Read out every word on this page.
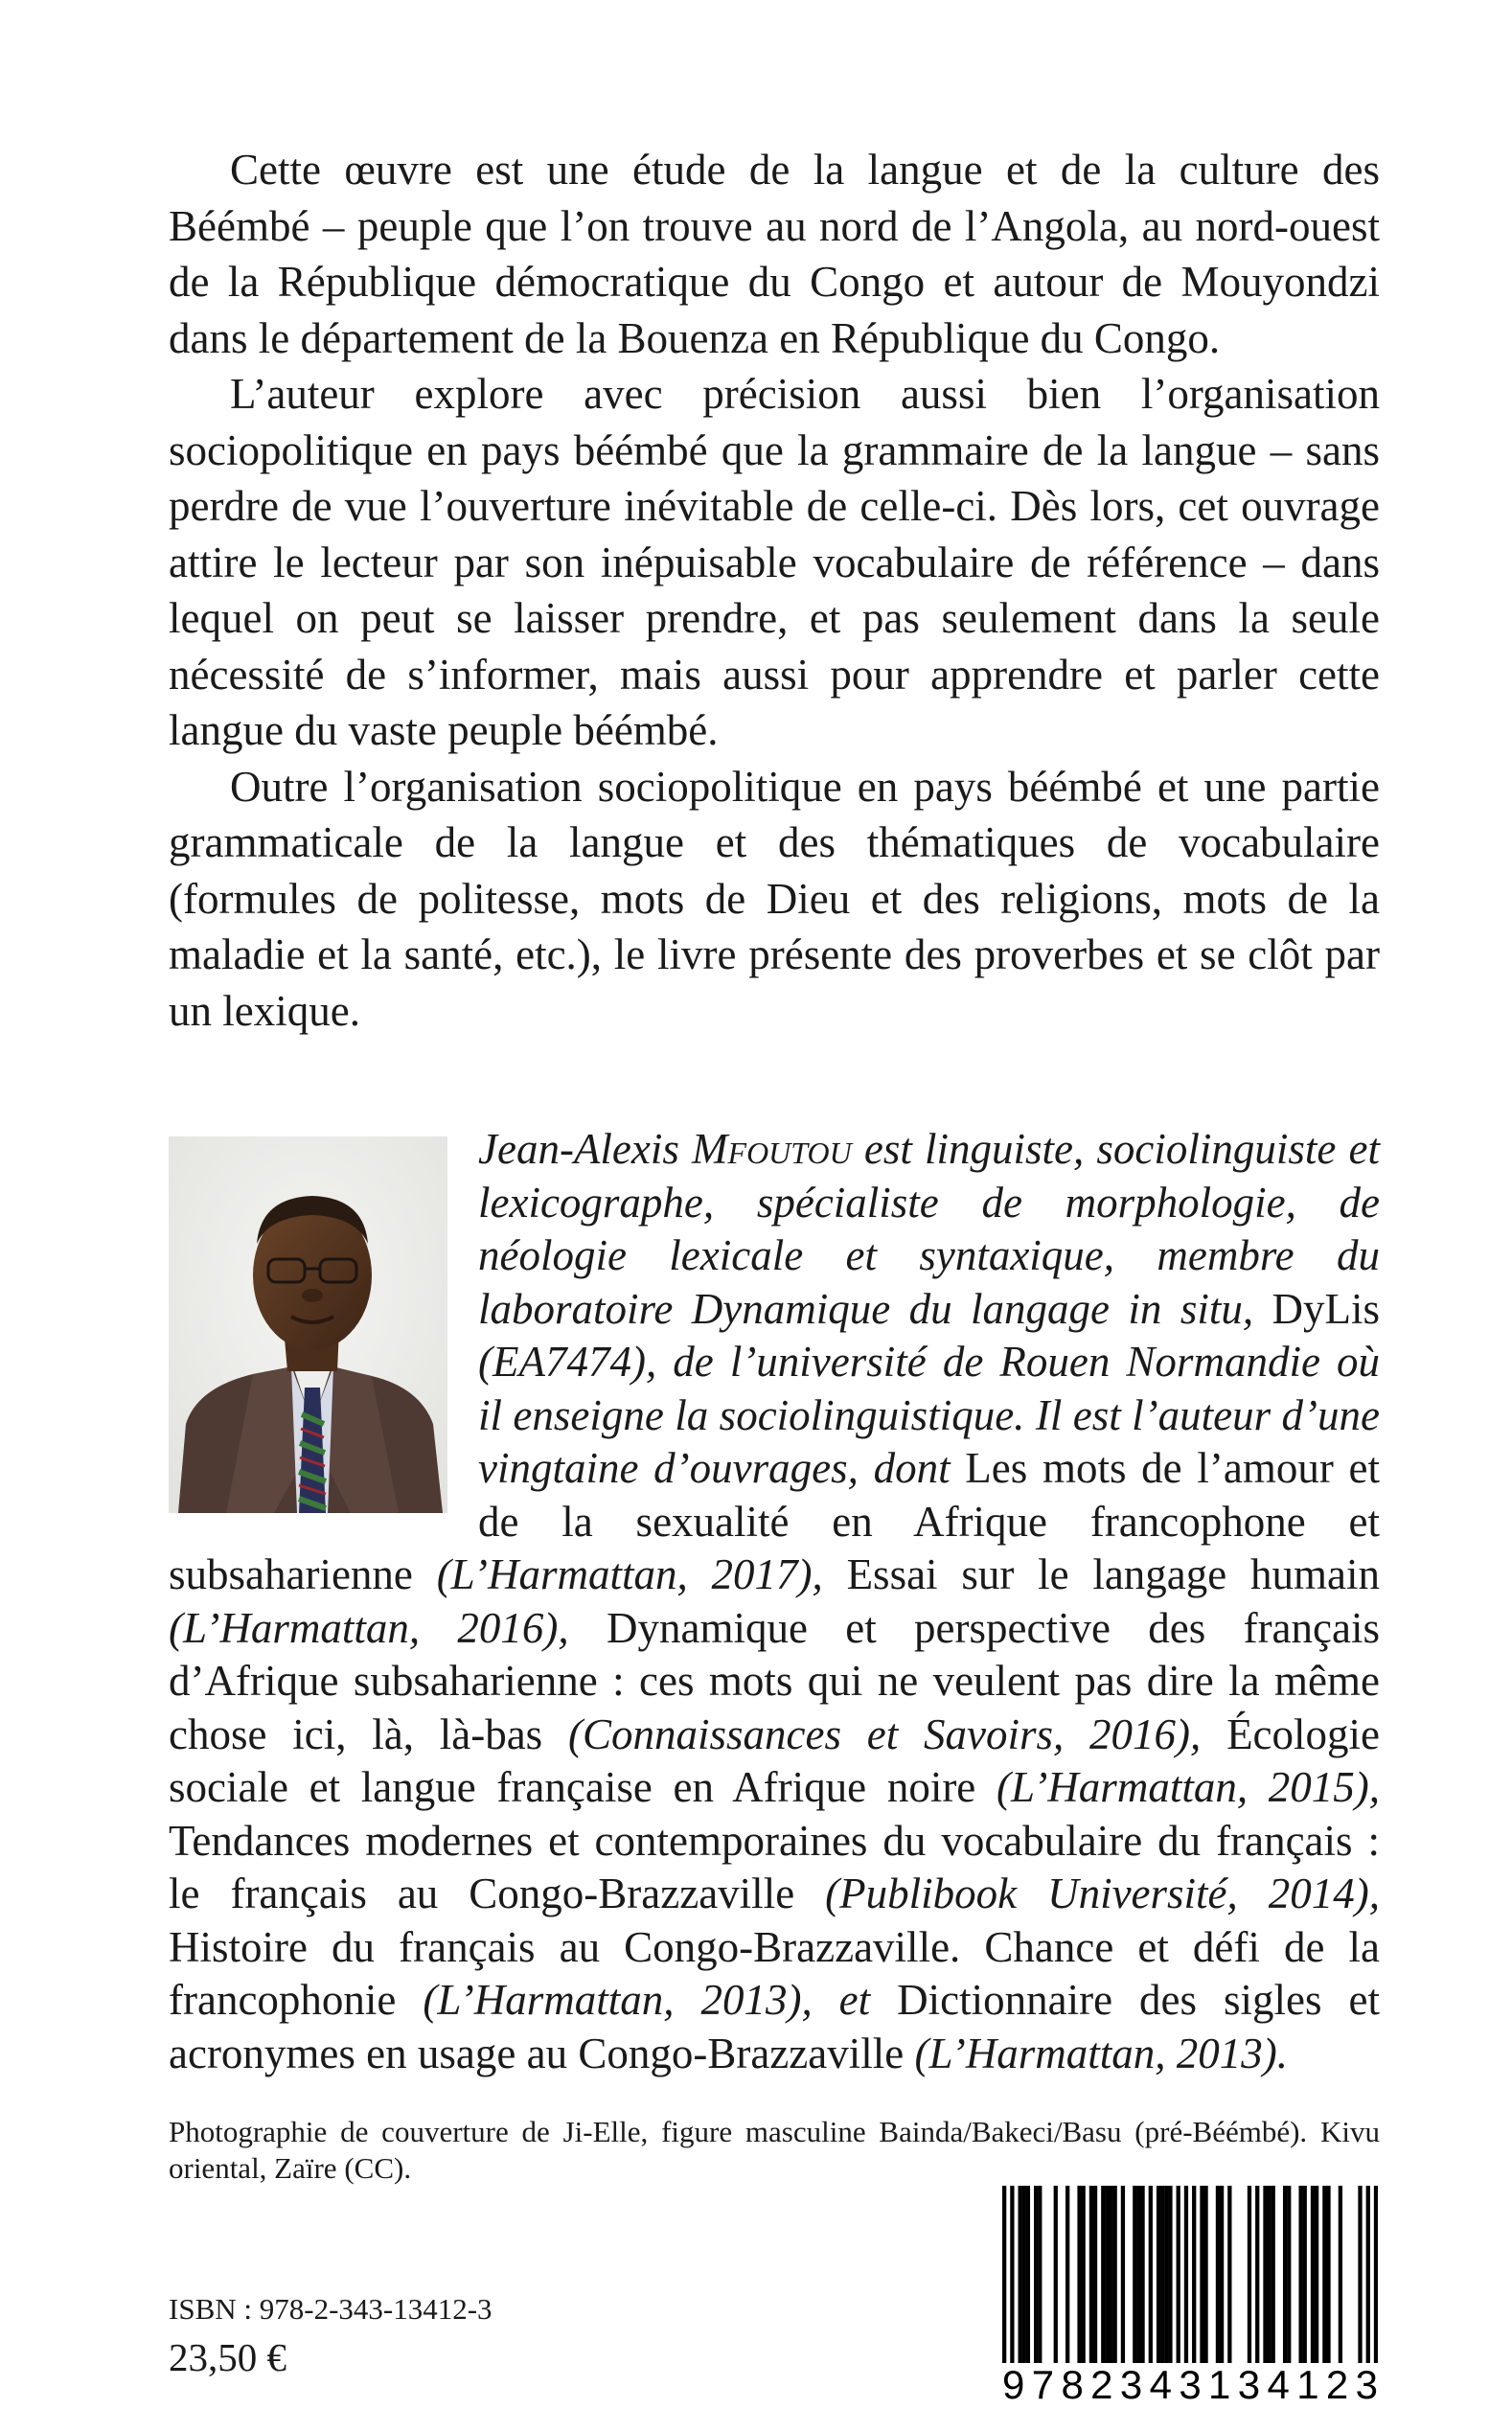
Cette œuvre est une étude de la langue et de la culture des Béémbé – peuple que l’on trouve au nord de l’Angola, au nord-ouest de la République démocratique du Congo et autour de Mouyondzi dans le département de la Bouenza en République du Congo.

L’auteur explore avec précision aussi bien l’organisation sociopolitique en pays béémbé que la grammaire de la langue – sans perdre de vue l’ouverture inévitable de celle-ci. Dès lors, cet ouvrage attire le lecteur par son inépuisable vocabulaire de référence – dans lequel on peut se laisser prendre, et pas seulement dans la seule nécessité de s’informer, mais aussi pour apprendre et parler cette langue du vaste peuple béémbé.

Outre l’organisation sociopolitique en pays béémbé et une partie grammaticale de la langue et des thématiques de vocabulaire (formules de politesse, mots de Dieu et des religions, mots de la maladie et la santé, etc.), le livre présente des proverbes et se clôt par un lexique.

Jean-Alexis Mfoutou est linguiste, sociolinguiste et lexicographe, spécialiste de morphologie, de néologie lexicale et syntaxique, membre du laboratoire Dynamique du langage in situ, DyLis (EA7474), de l’université de Rouen Normandie où il enseigne la sociolinguistique. Il est l’auteur d’une vingtaine d’ouvrages, dont Les mots de l’amour et de la sexualité en Afrique francophone et subsaharienne (L’Harmattan, 2017), Essai sur le langage humain (L’Harmattan, 2016), Dynamique et perspective des français d’Afrique subsaharienne : ces mots qui ne veulent pas dire la même chose ici, là, là-bas (Connaissances et Savoirs, 2016), Écologie sociale et langue française en Afrique noire (L’Harmattan, 2015), Tendances modernes et contemporaines du vocabulaire du français : le français au Congo-Brazzaville (Publibook Université, 2014), Histoire du français au Congo-Brazzaville. Chance et défi de la francophonie (L’Harmattan, 2013), et Dictionnaire des sigles et acronymes en usage au Congo-Brazzaville (L’Harmattan, 2013).

Photographie de couverture de Ji-Elle, figure masculine Bainda/Bakeci/Basu (pré-Béémbé). Kivu oriental, Zaïre (CC).

ISBN : 978-2-343-13412-3

23,50 €

9 7 8 2 3 4 3 1 3 4 1 2 3
